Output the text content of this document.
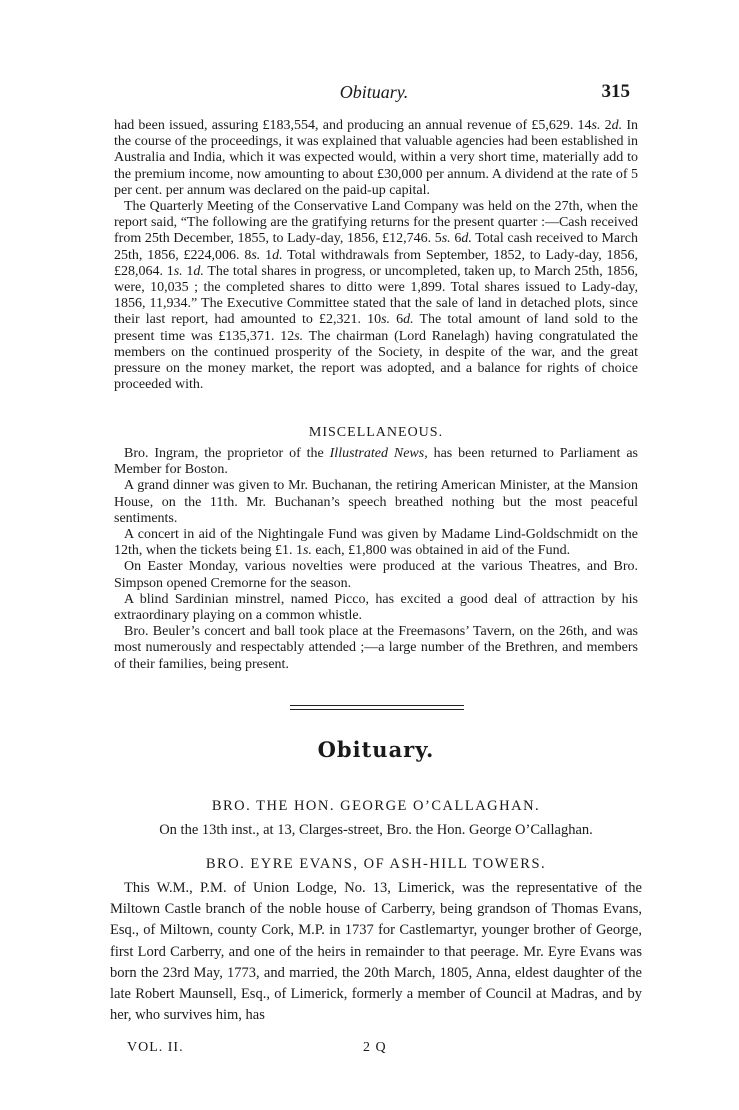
Obituary.	315

had been issued, assuring £183,554, and producing an annual revenue of £5,629. 14s. 2d. In the course of the proceedings, it was explained that valuable agencies had been established in Australia and India, which it was expected would, within a very short time, materially add to the premium income, now amounting to about £30,000 per annum. A dividend at the rate of 5 per cent. per annum was declared on the paid-up capital.

The Quarterly Meeting of the Conservative Land Company was held on the 27th, when the report said, “The following are the gratifying returns for the present quarter :—Cash received from 25th December, 1855, to Lady-day, 1856, £12,746. 5s. 6d. Total cash received to March 25th, 1856, £224,006. 8s. 1d. Total withdrawals from September, 1852, to Lady-day, 1856, £28,064. 1s. 1d. The total shares in progress, or uncompleted, taken up, to March 25th, 1856, were, 10,035 ; the completed shares to ditto were 1,899. Total shares issued to Lady-day, 1856, 11,934.” The Executive Committee stated that the sale of land in detached plots, since their last report, had amounted to £2,321. 10s. 6d. The total amount of land sold to the present time was £135,371. 12s. The chairman (Lord Ranelagh) having congratulated the members on the continued prosperity of the Society, in despite of the war, and the great pressure on the money market, the report was adopted, and a balance for rights of choice proceeded with.

MISCELLANEOUS.

Bro. Ingram, the proprietor of the Illustrated News, has been returned to Parliament as Member for Boston.

A grand dinner was given to Mr. Buchanan, the retiring American Minister, at the Mansion House, on the 11th. Mr. Buchanan’s speech breathed nothing but the most peaceful sentiments.

A concert in aid of the Nightingale Fund was given by Madame Lind-Goldschmidt on the 12th, when the tickets being £1. 1s. each, £1,800 was obtained in aid of the Fund.

On Easter Monday, various novelties were produced at the various Theatres, and Bro. Simpson opened Cremorne for the season.

A blind Sardinian minstrel, named Picco, has excited a good deal of attraction by his extraordinary playing on a common whistle.

Bro. Beuler’s concert and ball took place at the Freemasons’ Tavern, on the 26th, and was most numerously and respectably attended ;—a large number of the Brethren, and members of their families, being present.

Obituary.
BRO. THE HON. GEORGE O’CALLAGHAN.

On the 13th inst., at 13, Clarges-street, Bro. the Hon. George O’Callaghan.

BRO. EYRE EVANS, OF ASH-HILL TOWERS.

This W.M., P.M. of Union Lodge, No. 13, Limerick, was the representative of the Miltown Castle branch of the noble house of Carberry, being grandson of Thomas Evans, Esq., of Miltown, county Cork, M.P. in 1737 for Castlemartyr, younger brother of George, first Lord Carberry, and one of the heirs in remainder to that peerage. Mr. Eyre Evans was born the 23rd May, 1773, and married, the 20th March, 1805, Anna, eldest daughter of the late Robert Maunsell, Esq., of Limerick, formerly a member of Council at Madras, and by her, who survives him, has

VOL. II.	2 Q
